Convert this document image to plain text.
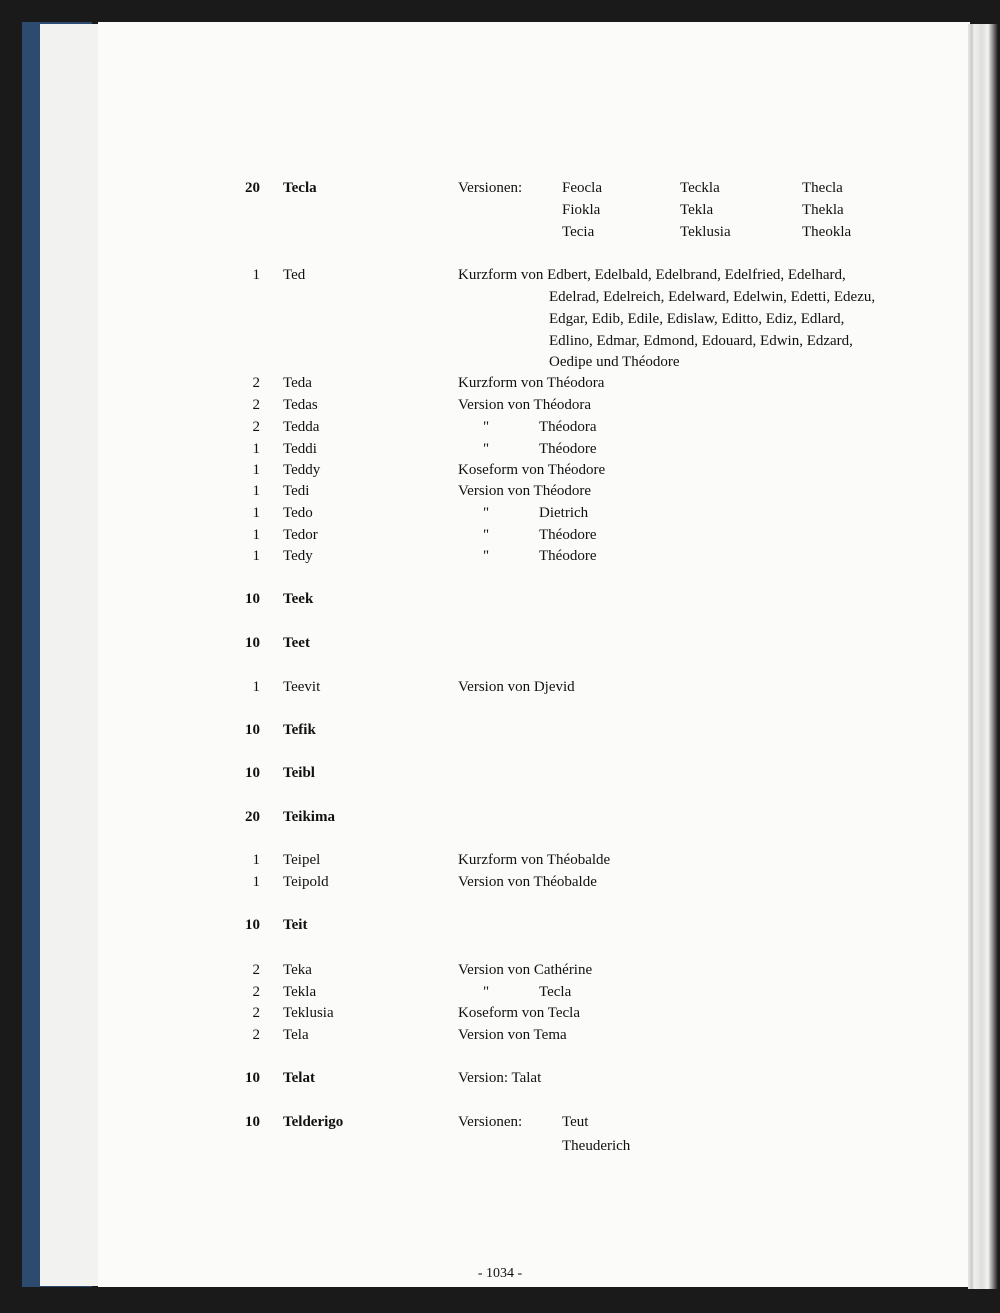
20 Tecla	Versionen:	Feocla	Teckla	Thecla
Fiokla	Tekla	Thekla
Tecia	Teklusia	Theokla
1 Ted	Kurzform von Edbert, Edelbald, Edelbrand, Edelfried, Edelhard,
Edelrad, Edelreich, Edelward, Edelwin, Edetti, Edezu,
Edgar, Edib, Edile, Edislaw, Editto, Ediz, Edlard,
Edlino, Edmar, Edmond, Edouard, Edwin, Edzard,
Oedipe und Théodore
2 Teda	Kurzform von Théodora
2 Tedas	Version von Théodora
2 Tedda	"	Théodora
1 Teddi	"	Théodore
1 Teddy	Koseform von Théodore
1 Tedi	Version von Théodore
1 Tedo	"	Dietrich
1 Tedor	"	Théodore
1 Tedy	"	Théodore
10 Teek
10 Teet
1 Teevit	Version von Djevid
10 Tefik
10 Teibl
20 Teikima
1 Teipel	Kurzform von Théobalde
1 Teipold	Version von Théobalde
10 Teit
2 Teka	Version von Cathérine
2 Tekla	"	Tecla
2 Teklusia	Koseform von Tecla
2 Tela	Version von Tema
10 Telat	Version: Talat
10 Telderigo	Versionen:	Teut
Theuderich
- 1034 -
